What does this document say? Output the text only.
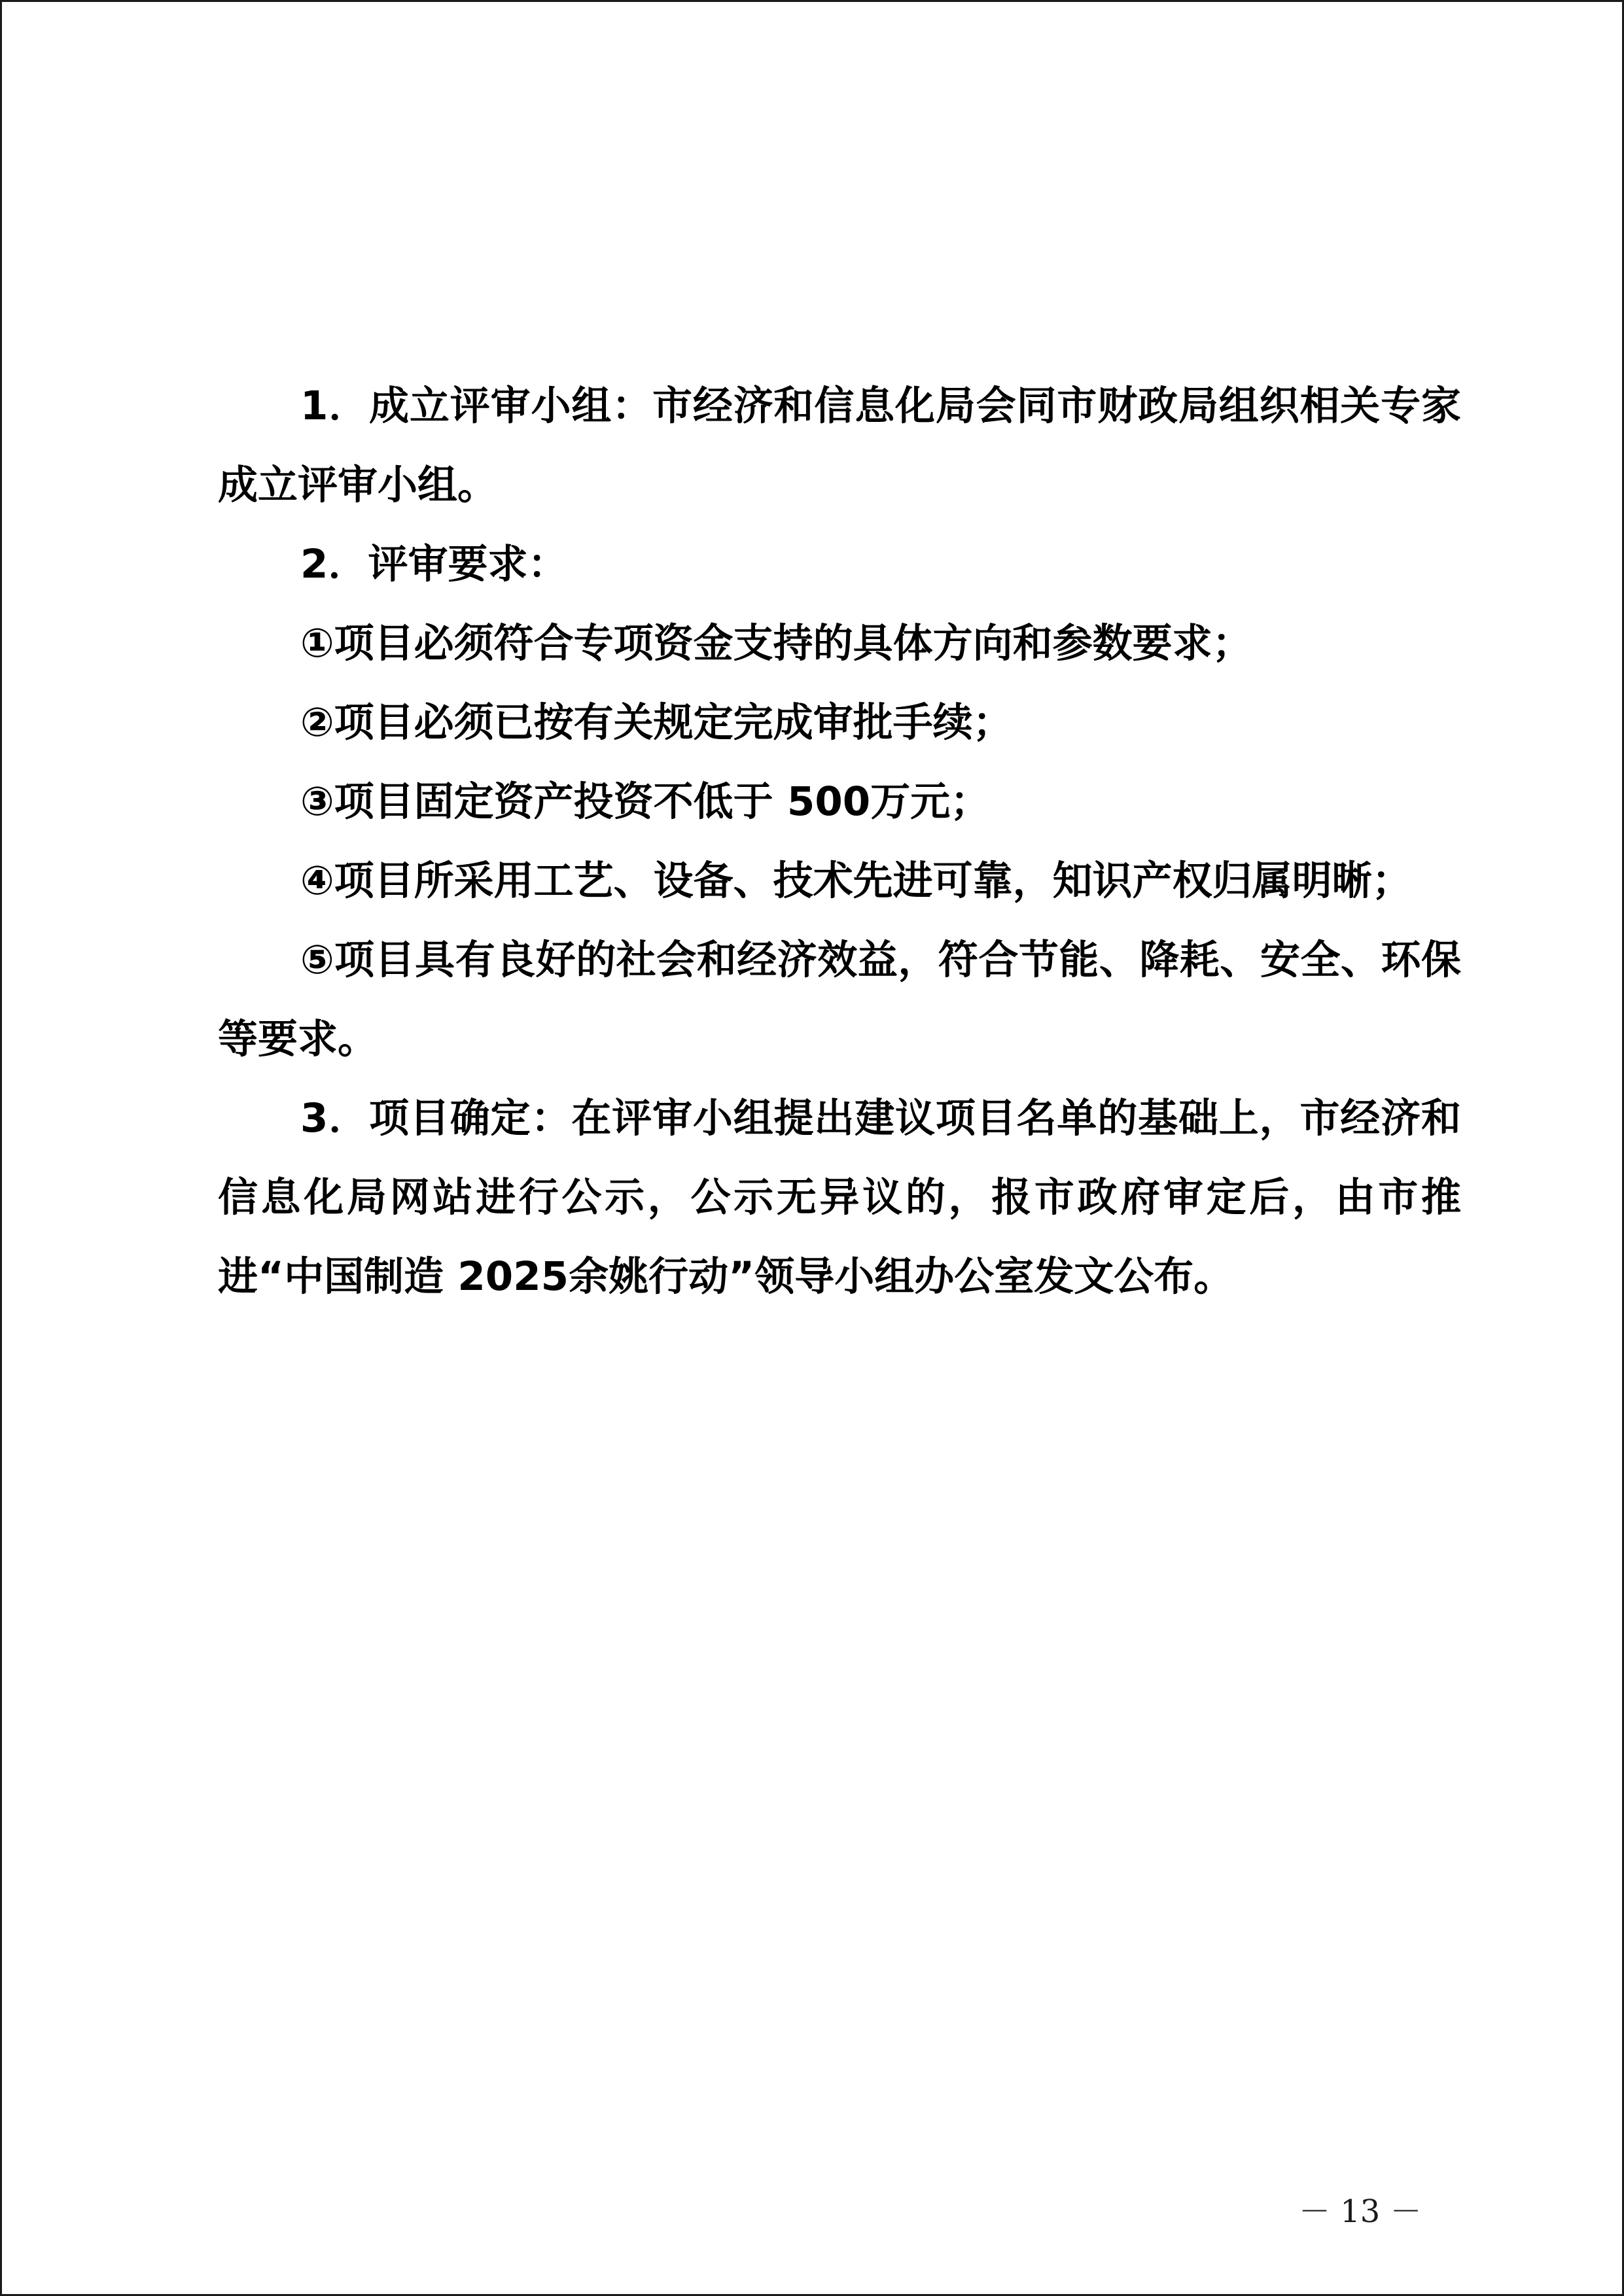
1．成立评审小组：市经济和信息化局会同市财政局组织相关专家成立评审小组。

2．评审要求：

①项目必须符合专项资金支持的具体方向和参数要求；

②项目必须已按有关规定完成审批手续；

③项目固定资产投资不低于 500万元；

④项目所采用工艺、设备、技术先进可靠，知识产权归属明晰；

⑤项目具有良好的社会和经济效益，符合节能、降耗、安全、环保等要求。

3．项目确定：在评审小组提出建议项目名单的基础上，市经济和信息化局网站进行公示，公示无异议的，报市政府审定后，由市推进“中国制造 2025余姚行动”领导小组办公室发文公布。

－ 13 －
